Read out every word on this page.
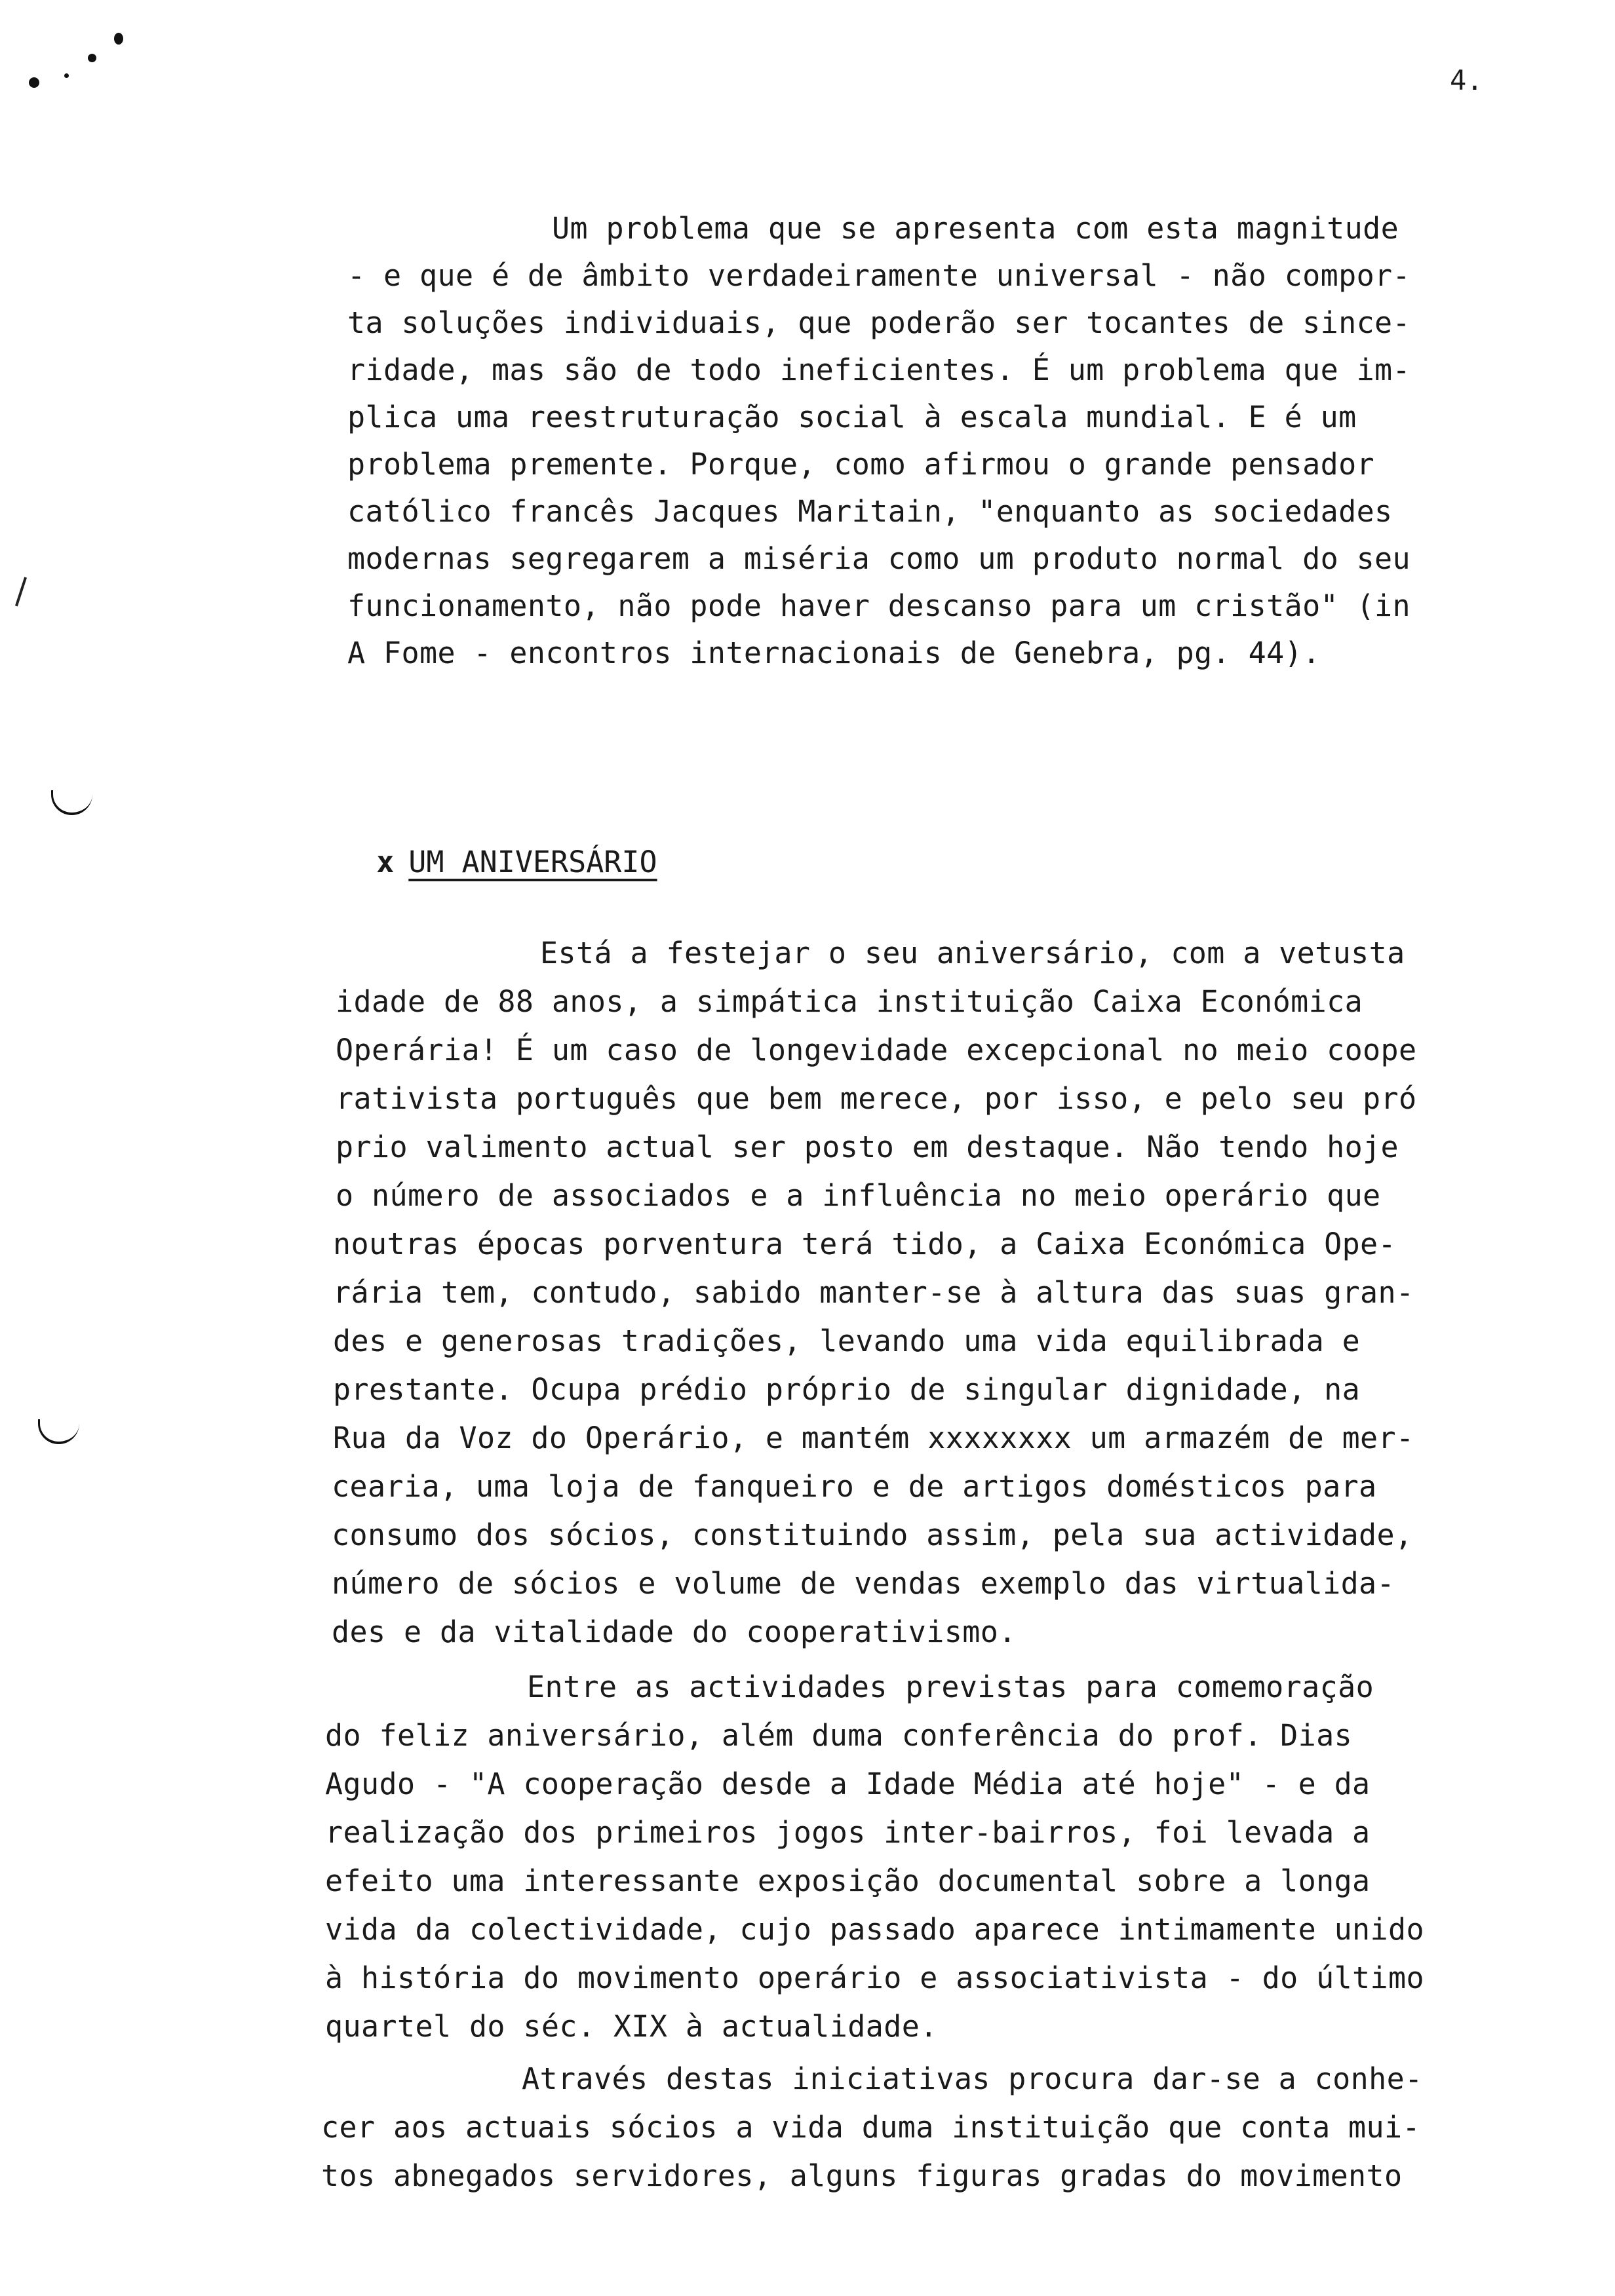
4.
Um problema que se apresenta com esta magnitude
- e que é de âmbito verdadeiramente universal - não compor-
ta soluções individuais, que poderão ser tocantes de since-
ridade, mas são de todo ineficientes. É um problema que im-
plica uma reestruturação social à escala mundial. E é um
problema premente. Porque, como afirmou o grande pensador
católico francês Jacques Maritain, "enquanto as sociedades
modernas segregarem a miséria como um produto normal do seu
funcionamento, não pode haver descanso para um cristão" (in
A Fome - encontros internacionais de Genebra, pg. 44).

x UM ANIVERSÁRIO

Está a festejar o seu aniversário, com a vetusta
idade de 88 anos, a simpática instituição Caixa Económica
Operária! É um caso de longevidade excepcional no meio coope
rativista português que bem merece, por isso, e pelo seu pró
prio valimento actual ser posto em destaque. Não tendo hoje
o número de associados e a influência no meio operário que
noutras épocas porventura terá tido, a Caixa Económica Ope-
rária tem, contudo, sabido manter-se à altura das suas gran-
des e generosas tradições, levando uma vida equilibrada e
prestante. Ocupa prédio próprio de singular dignidade, na
Rua da Voz do Operário, e mantém xxxxxxxx um armazém de mer-
cearia, uma loja de fanqueiro e de artigos domésticos para
consumo dos sócios, constituindo assim, pela sua actividade,
número de sócios e volume de vendas exemplo das virtualida-
des e da vitalidade do cooperativismo.
Entre as actividades previstas para comemoração
do feliz aniversário, além duma conferência do prof. Dias
Agudo - "A cooperação desde a Idade Média até hoje" - e da
realização dos primeiros jogos inter-bairros, foi levada a
efeito uma interessante exposição documental sobre a longa
vida da colectividade, cujo passado aparece intimamente unido
à história do movimento operário e associativista - do último
quartel do séc. XIX à actualidade.
Através destas iniciativas procura dar-se a conhe-
cer aos actuais sócios a vida duma instituição que conta mui-
tos abnegados servidores, alguns figuras gradas do movimento
